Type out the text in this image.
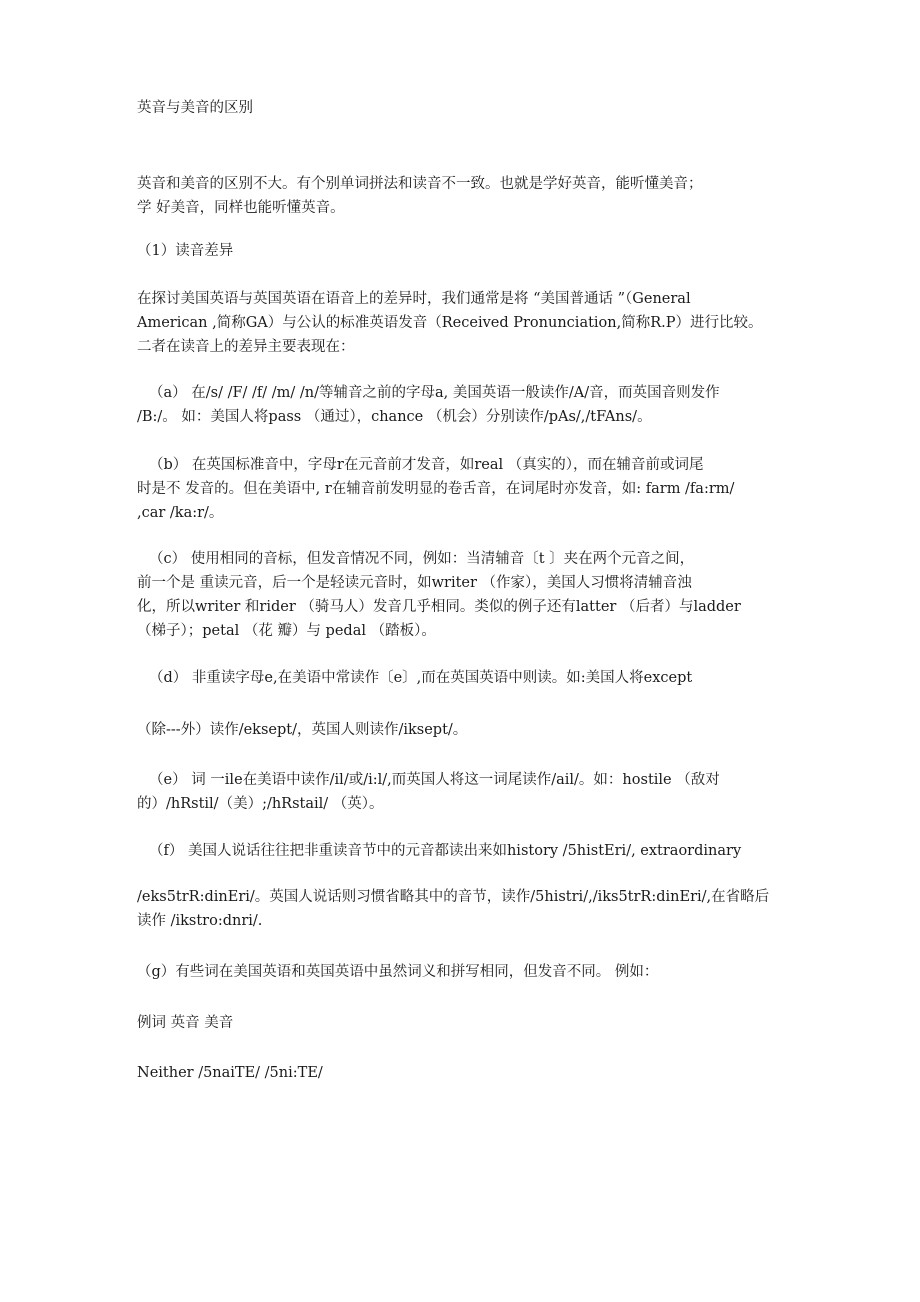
英音与美音的区别

英音和美音的区别不大。有个别单词拼法和读音不一致。也就是学好英音，能听懂美音；
学 好美音，同样也能听懂英音。

（1）读音差异

在探讨美国英语与英国英语在语音上的差异时，我们通常是将 “美国普通话 ”（General
American ,简称GA）与公认的标准英语发音（Received Pronunciation,简称R.P）进行比较。
二者在读音上的差异主要表现在：

（a） 在/s/ /F/ /f/ /m/ /n/等辅音之前的字母a, 美国英语一般读作/A/音，而英国音则发作
/B:/。 如：美国人将pass （通过），chance （机会）分别读作/pAs/,/tFAns/。

（b） 在英国标准音中，字母r在元音前才发音，如real （真实的），而在辅音前或词尾
时是不 发音的。但在美语中, r在辅音前发明显的卷舌音，在词尾时亦发音，如: farm /fa:rm/
,car /ka:r/。

（c） 使用相同的音标，但发音情况不同，例如：当清辅音〔t 〕夹在两个元音之间，
前一个是 重读元音，后一个是轻读元音时，如writer （作家），美国人习惯将清辅音浊
化，所以writer 和rider （骑马人）发音几乎相同。类似的例子还有latter （后者）与ladder
（梯子）；petal （花 瓣）与 pedal （踏板）。

（d） 非重读字母e,在美语中常读作〔e〕,而在英国英语中则读。如:美国人将except

（除---外）读作/eksept/，英国人则读作/iksept/。

（e） 词 一ile在美语中读作/il/或/i:l/,而英国人将这一词尾读作/ail/。如：hostile （敌对
的）/hRstil/（美）;/hRstail/ （英）。

（f） 美国人说话往往把非重读音节中的元音都读出来如history /5histEri/, extraordinary

/eks5trR:dinEri/。英国人说话则习惯省略其中的音节，读作/5histri/,/iks5trR:dinEri/,在省略后
读作 /ikstro:dnri/.

（g）有些词在美国英语和英国英语中虽然词义和拼写相同，但发音不同。 例如：

例词 英音 美音

Neither /5naiTE/ /5ni:TE/
